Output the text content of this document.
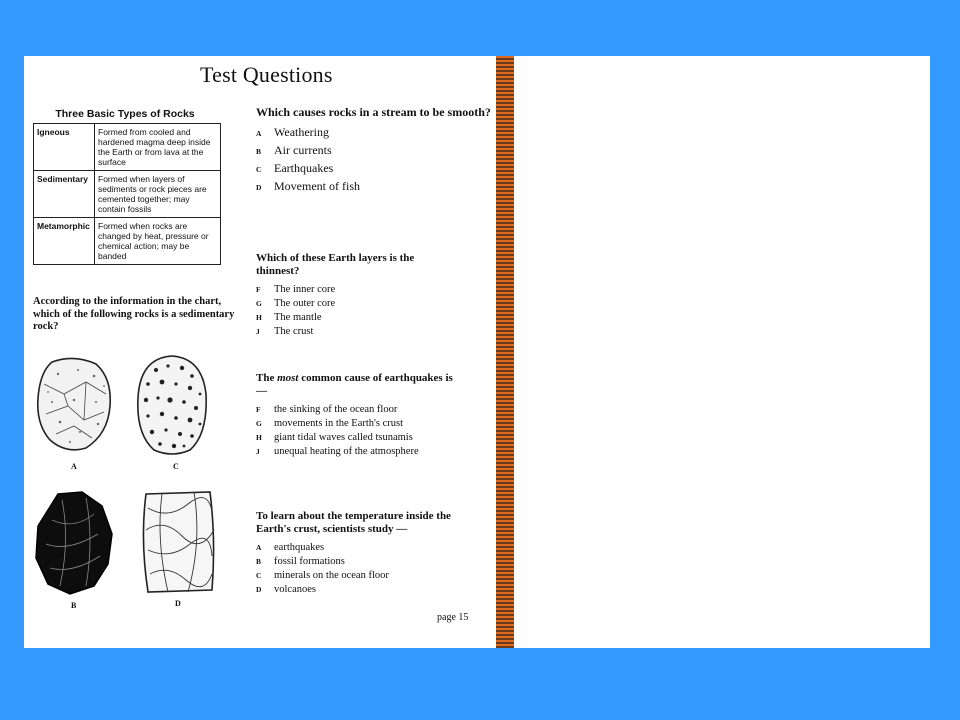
Test Questions
Three Basic Types of Rocks
Igneous	Formed from cooled and hardened magma deep inside the Earth or from lava at the surface
Sedimentary	Formed when layers of sediments or rock pieces are cemented together; may contain fossils
Metamorphic	Formed when rocks are changed by heat, pressure or chemical action; may be banded
According to the information in the chart, which of the following rocks is a sedimentary rock?
A	C
B	D

Which causes rocks in a stream to be smooth?

A	Weathering
B	Air currents
C	Earthquakes
D	Movement of fish

Which of these Earth layers is the thinnest?

F	The inner core
G	The outer core
H	The mantle
J	The crust

The most common cause of earthquakes is —

F	the sinking of the ocean floor
G	movements in the Earth's crust
H	giant tidal waves called tsunamis
J	unequal heating of the atmosphere

To learn about the temperature inside the Earth's crust, scientists study —

A	earthquakes
B	fossil formations
C	minerals on the ocean floor
D	volcanoes
page 15
